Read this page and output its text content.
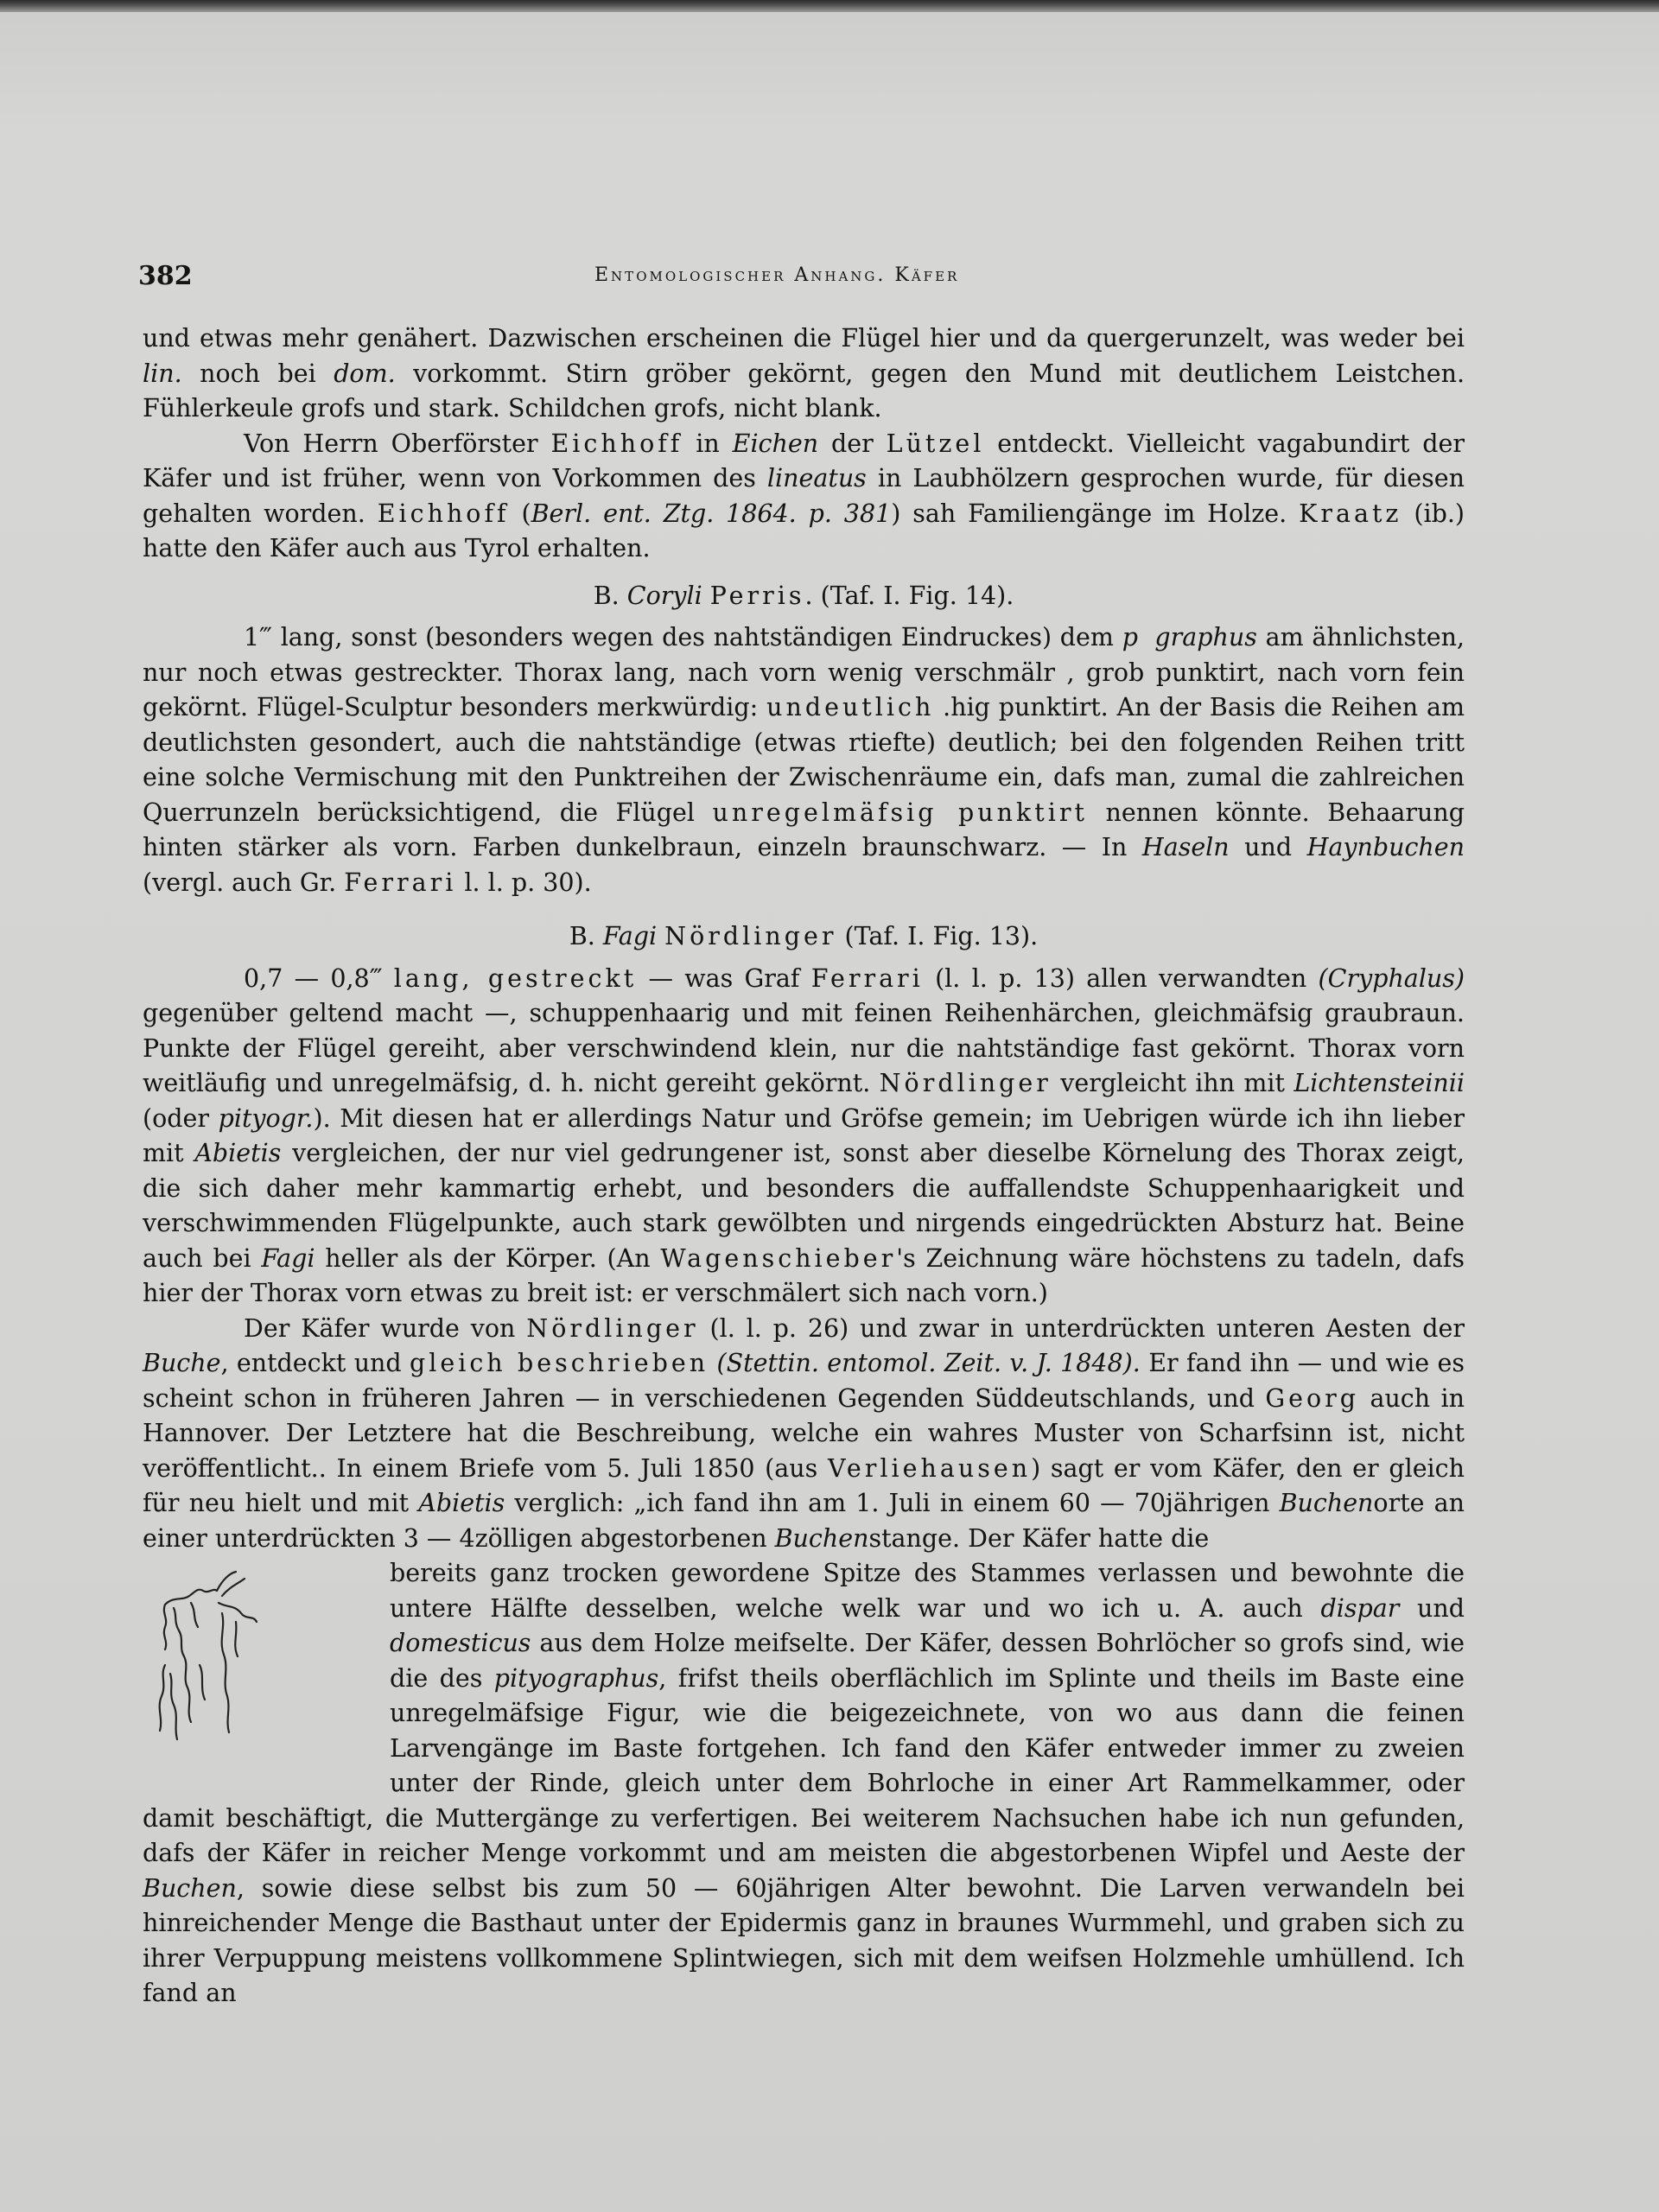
382	Entomologischer Anhang. Käfer

und etwas mehr genähert. Dazwischen erscheinen die Flügel hier und da quergerunzelt, was weder bei lin. noch bei dom. vorkommt. Stirn gröber gekörnt, gegen den Mund mit deutlichem Leistchen. Fühlerkeule grofs und stark. Schildchen grofs, nicht blank.

Von Herrn Oberförster Eichhoff in Eichen der Lützel entdeckt. Vielleicht vagabundirt der Käfer und ist früher, wenn von Vorkommen des lineatus in Laubhölzern gesprochen wurde, für diesen gehalten worden. Eichhoff (Berl. ent. Ztg. 1864. p. 381) sah Familiengänge im Holze. Kraatz (ib.) hatte den Käfer auch aus Tyrol erhalten.

B. Coryli Perris. (Taf. I. Fig. 14).

1‴ lang, sonst (besonders wegen des nahtständigen Eindruckes) dem p graphus am ähnlichsten, nur noch etwas gestreckter. Thorax lang, nach vorn wenig verschmälr , grob punktirt, nach vorn fein gekörnt. Flügel-Sculptur besonders merkwürdig: undeutlich .hig punktirt. An der Basis die Reihen am deutlichsten gesondert, auch die nahtständige (etwas rtiefte) deutlich; bei den folgenden Reihen tritt eine solche Vermischung mit den Punktreihen der Zwischenräume ein, dafs man, zumal die zahlreichen Querrunzeln berücksichtigend, die Flügel unregelmäfsig punktirt nennen könnte. Behaarung hinten stärker als vorn. Farben dunkelbraun, einzeln braunschwarz. — In Haseln und Haynbuchen (vergl. auch Gr. Ferrari l. l. p. 30).

B. Fagi Nördlinger (Taf. I. Fig. 13).

0,7 — 0,8‴ lang, gestreckt — was Graf Ferrari (l. l. p. 13) allen verwandten (Cryphalus) gegenüber geltend macht —, schuppenhaarig und mit feinen Reihenhärchen, gleichmäfsig graubraun. Punkte der Flügel gereiht, aber verschwindend klein, nur die nahtständige fast gekörnt. Thorax vorn weitläufig und unregelmäfsig, d. h. nicht gereiht gekörnt. Nördlinger vergleicht ihn mit Lichtensteinii (oder pityogr.). Mit diesen hat er allerdings Natur und Gröfse gemein; im Uebrigen würde ich ihn lieber mit Abietis vergleichen, der nur viel gedrungener ist, sonst aber dieselbe Körnelung des Thorax zeigt, die sich daher mehr kammartig erhebt, und besonders die auffallendste Schuppenhaarigkeit und verschwimmenden Flügelpunkte, auch stark gewölbten und nirgends eingedrückten Absturz hat. Beine auch bei Fagi heller als der Körper. (An Wagenschieber's Zeichnung wäre höchstens zu tadeln, dafs hier der Thorax vorn etwas zu breit ist: er verschmälert sich nach vorn.)

Der Käfer wurde von Nördlinger (l. l. p. 26) und zwar in unterdrückten unteren Aesten der Buche, entdeckt und gleich beschrieben (Stettin. entomol. Zeit. v. J. 1848). Er fand ihn — und wie es scheint schon in früheren Jahren — in verschiedenen Gegenden Süddeutschlands, und Georg auch in Hannover. Der Letztere hat die Beschreibung, welche ein wahres Muster von Scharfsinn ist, nicht veröffentlicht.. In einem Briefe vom 5. Juli 1850 (aus Verliehausen) sagt er vom Käfer, den er gleich für neu hielt und mit Abietis verglich: „ich fand ihn am 1. Juli in einem 60 — 70jährigen Buchenorte an einer unterdrückten 3 — 4zölligen abgestorbenen Buchenstange. Der Käfer hatte die

bereits ganz trocken gewordene Spitze des Stammes verlassen und bewohnte die untere Hälfte desselben, welche welk war und wo ich u. A. auch dispar und domesticus aus dem Holze meifselte. Der Käfer, dessen Bohrlöcher so grofs sind, wie die des pityographus, frifst theils oberflächlich im Splinte und theils im Baste eine unregelmäfsige Figur, wie die beigezeichnete, von wo aus dann die feinen Larvengänge im Baste fortgehen. Ich fand den Käfer entweder immer zu zweien unter der Rinde, gleich unter dem Bohrloche in einer Art Rammelkammer, oder damit beschäftigt, die Muttergänge zu verfertigen. Bei weiterem Nachsuchen habe ich nun gefunden, dafs der Käfer in reicher Menge vorkommt und am meisten die abgestorbenen Wipfel und Aeste der Buchen, sowie diese selbst bis zum 50 — 60jährigen Alter bewohnt. Die Larven verwandeln bei hinreichender Menge die Basthaut unter der Epidermis ganz in braunes Wurmmehl, und graben sich zu ihrer Verpuppung meistens vollkommene Splintwiegen, sich mit dem weifsen Holzmehle umhüllend. Ich fand an
